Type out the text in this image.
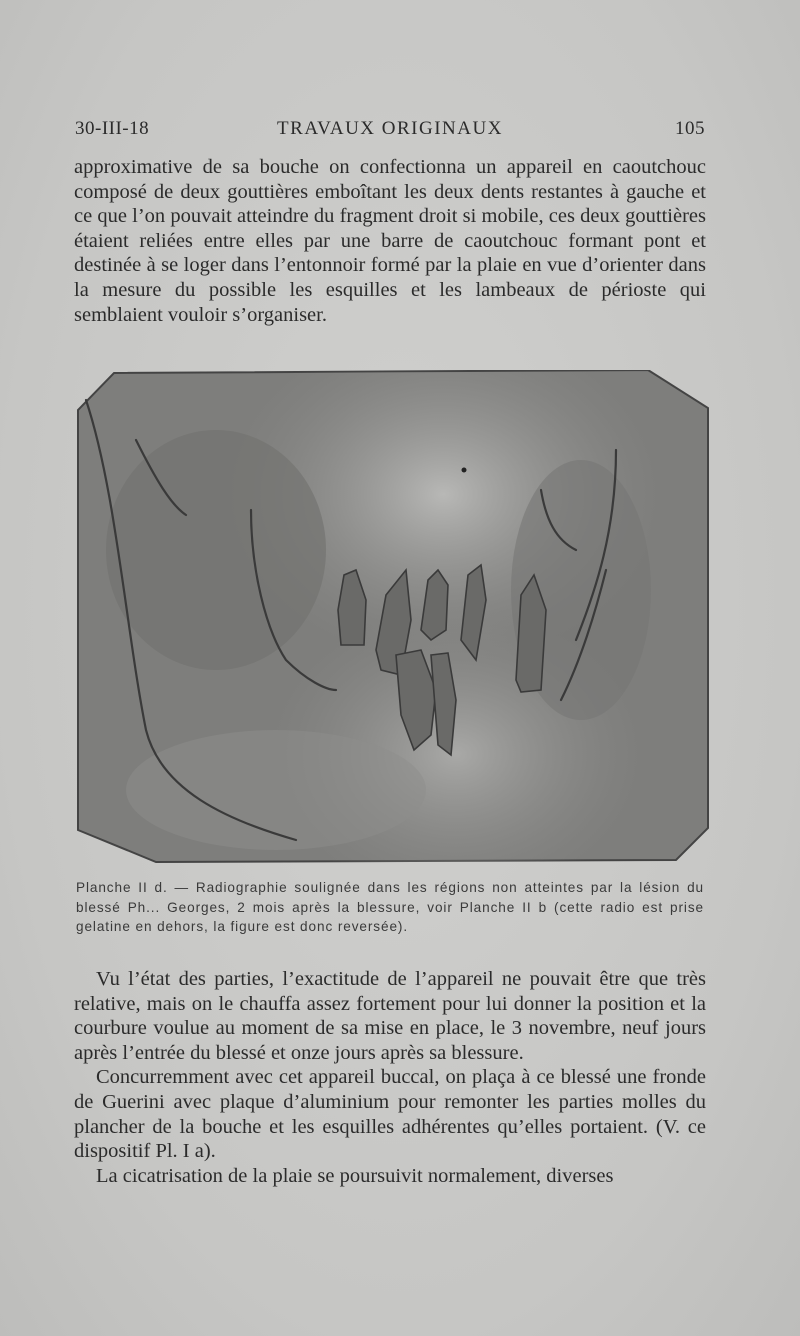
30-III-18	TRAVAUX ORIGINAUX	105

approximative de sa bouche on confectionna un appareil en caoutchouc composé de deux gouttières emboîtant les deux dents restantes à gauche et ce que l’on pouvait atteindre du fragment droit si mobile, ces deux gouttières étaient reliées entre elles par une barre de caoutchouc formant pont et destinée à se loger dans l’entonnoir formé par la plaie en vue d’orienter dans la mesure du possible les esquilles et les lambeaux de périoste qui semblaient vouloir s’organiser.

Planche II d. — Radiographie soulignée dans les régions non atteintes par la lésion du blessé Ph... Georges, 2 mois après la blessure, voir Planche II b (cette radio est prise gelatine en dehors, la figure est donc reversée).

Vu l’état des parties, l’exactitude de l’appareil ne pouvait être que très relative, mais on le chauffa assez fortement pour lui donner la position et la courbure voulue au moment de sa mise en place, le 3 novembre, neuf jours après l’entrée du blessé et onze jours après sa blessure.

Concurremment avec cet appareil buccal, on plaça à ce blessé une fronde de Guerini avec plaque d’aluminium pour remonter les parties molles du plancher de la bouche et les esquilles adhérentes qu’elles portaient. (V. ce dispositif Pl. I a).

La cicatrisation de la plaie se poursuivit normalement, diverses
